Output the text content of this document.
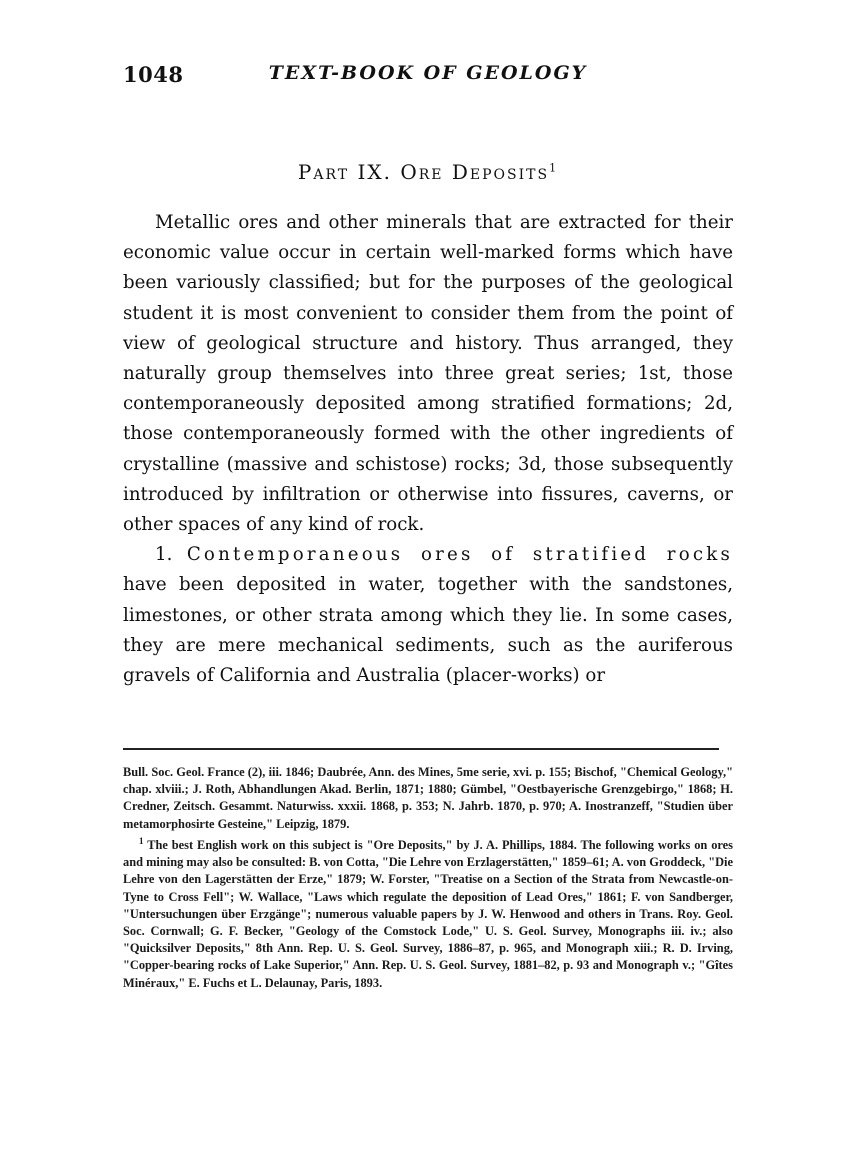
1048	TEXT-BOOK OF GEOLOGY
Part IX. Ore Deposits$^1$

Metallic ores and other minerals that are extracted for their economic value occur in certain well-marked forms which have been variously classified; but for the purposes of the geological student it is most convenient to consider them from the point of view of geological structure and history. Thus arranged, they naturally group themselves into three great series; 1st, those contemporaneously deposited among stratified formations; 2d, those contemporaneously formed with the other ingredients of crystalline (massive and schistose) rocks; 3d, those subsequently introduced by infiltration or otherwise into fissures, caverns, or other spaces of any kind of rock.

1. Contemporaneous ores of stratified rocks have been deposited in water, together with the sandstones, limestones, or other strata among which they lie. In some cases, they are mere mechanical sediments, such as the auriferous gravels of California and Australia (placer-works) or

Bull. Soc. Geol. France (2), iii. 1846; Daubrée, Ann. des Mines, 5me serie, xvi. p. 155; Bischof, "Chemical Geology," chap. xlviii.; J. Roth, Abhandlungen Akad. Berlin, 1871; 1880; Gümbel, "Oestbayerische Grenzgebirgo," 1868; H. Credner, Zeitsch. Gesammt. Naturwiss. xxxii. 1868, p. 353; N. Jahrb. 1870, p. 970; A. Inostranzeff, "Studien über metamorphosirte Gesteine," Leipzig, 1879.

$^1$ The best English work on this subject is "Ore Deposits," by J. A. Phillips, 1884. The following works on ores and mining may also be consulted: B. von Cotta, "Die Lehre von Erzlagerstätten," 1859–61; A. von Groddeck, "Die Lehre von den Lagerstätten der Erze," 1879; W. Forster, "Treatise on a Section of the Strata from Newcastle-on-Tyne to Cross Fell"; W. Wallace, "Laws which regulate the deposition of Lead Ores," 1861; F. von Sandberger, "Untersuchungen über Erzgänge"; numerous valuable papers by J. W. Henwood and others in Trans. Roy. Geol. Soc. Cornwall; G. F. Becker, "Geology of the Comstock Lode," U. S. Geol. Survey, Monographs iii. iv.; also "Quicksilver Deposits," 8th Ann. Rep. U. S. Geol. Survey, 1886–87, p. 965, and Monograph xiii.; R. D. Irving, "Copper-bearing rocks of Lake Superior," Ann. Rep. U. S. Geol. Survey, 1881–82, p. 93 and Monograph v.; "Gîtes Minéraux," E. Fuchs et L. Delaunay, Paris, 1893.
